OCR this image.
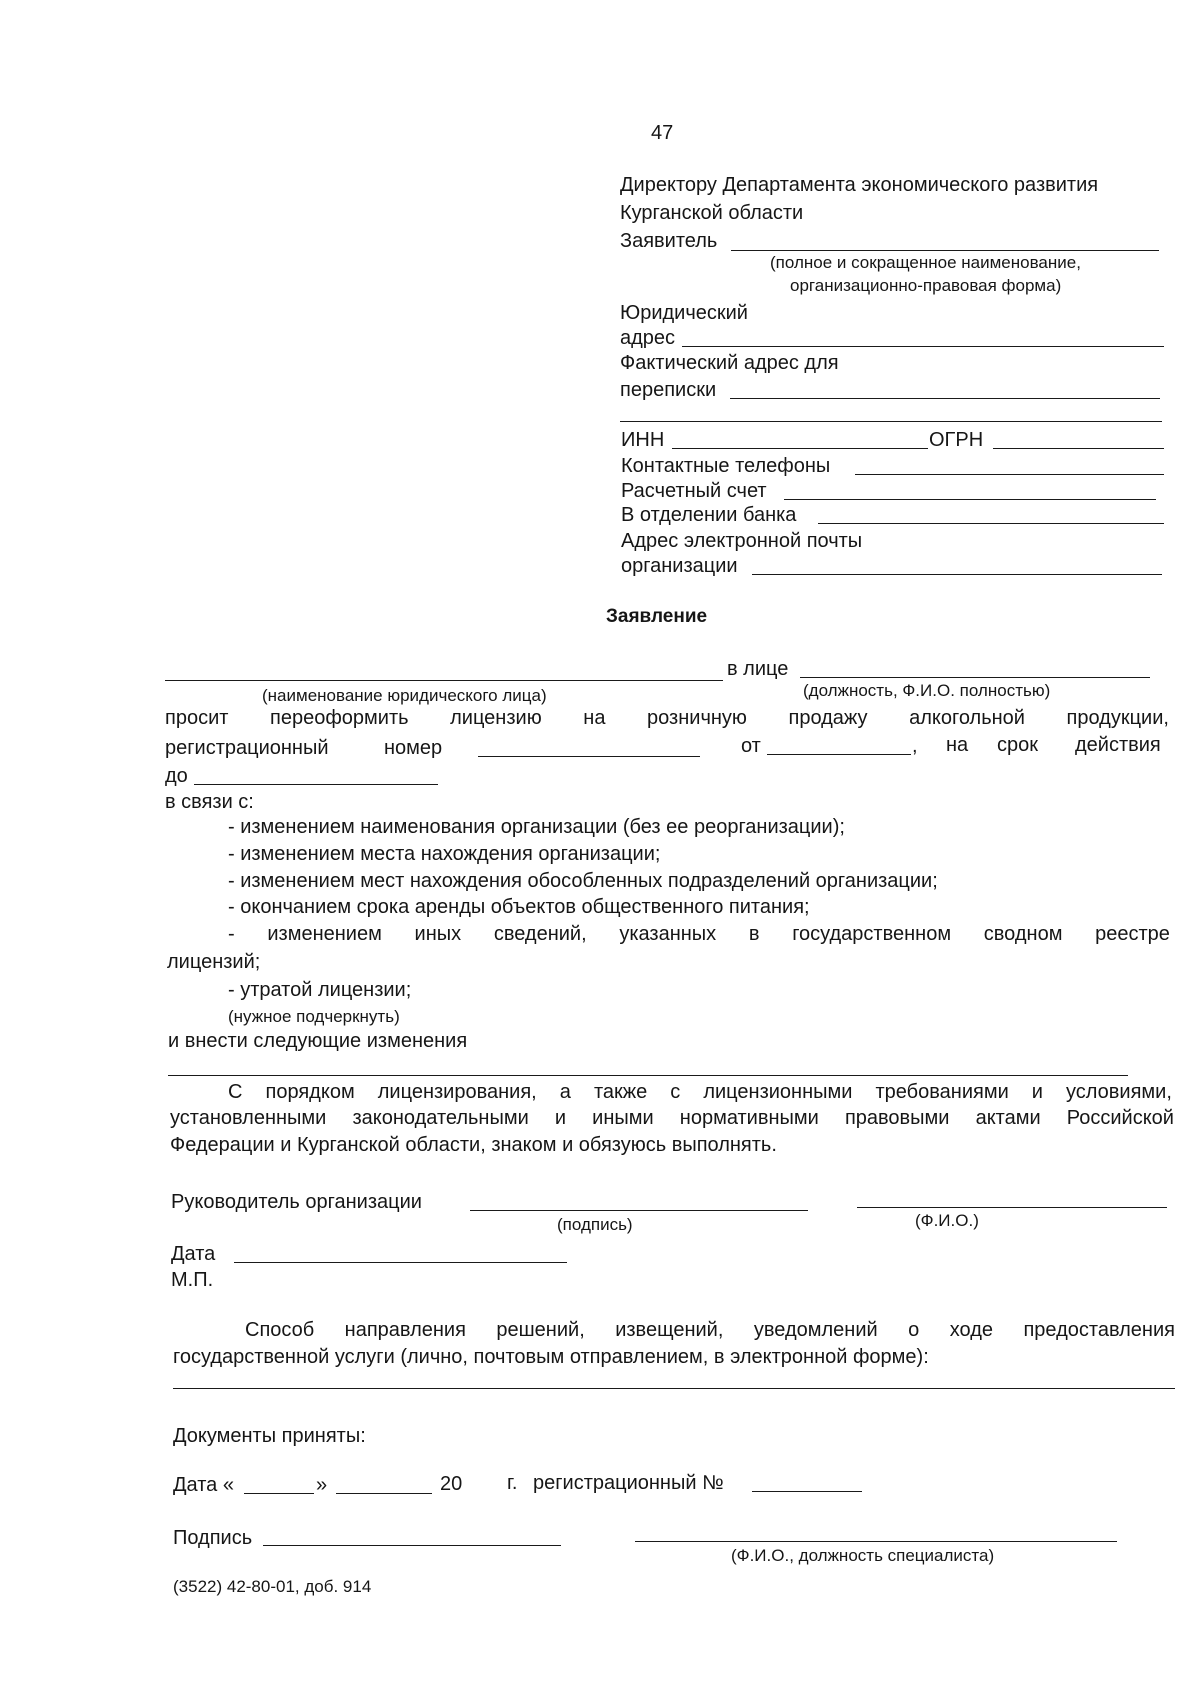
47
Директору Департамента экономического развития
Курганской области
Заявитель
(полное и сокращенное наименование,
организационно-правовая форма)
Юридический
адрес
Фактический адрес для
переписки
ИНН	ОГРН
Контактные телефоны
Расчетный счет
В отделении банка
Адрес электронной почты
организации
Заявление
в лице
(наименование юридического лица)	(должность, Ф.И.О. полностью)
просит переоформить лицензию на розничную продажу алкогольной продукции,
регистрационный	номер	от	, на срок действия
до
в связи с:
- изменением наименования организации (без ее реорганизации);
- изменением места нахождения организации;
- изменением мест нахождения обособленных подразделений организации;
- окончанием срока аренды объектов общественного питания;
- изменением иных сведений, указанных в государственном сводном реестре
лицензий;
- утратой лицензии;
(нужное подчеркнуть)
и внести следующие изменения
С порядком лицензирования, а также с лицензионными требованиями и условиями,
установленными законодательными и иными нормативными правовыми актами Российской
Федерации и Курганской области, знаком и обязуюсь выполнять.
Руководитель организации
(подпись)	(Ф.И.О.)
Дата
М.П.
Способ направления решений, извещений, уведомлений о ходе предоставления
государственной услуги (лично, почтовым отправлением, в электронной форме):
Документы приняты:
Дата «	»	20 г. регистрационный №
Подпись
(Ф.И.О., должность специалиста)
(3522) 42-80-01, доб. 914
